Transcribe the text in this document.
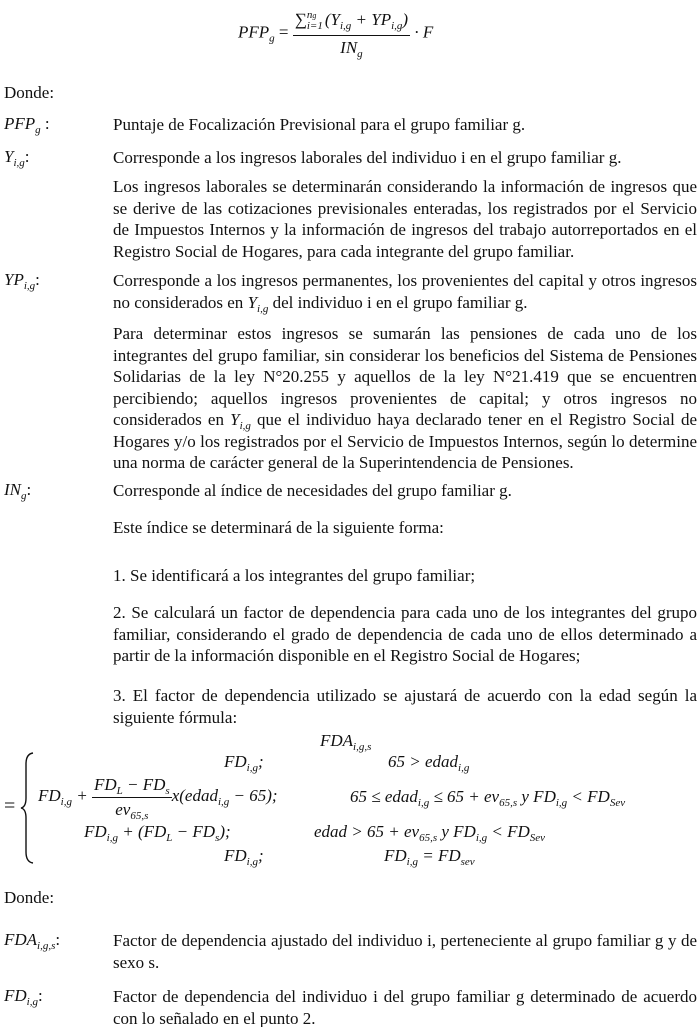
$PFP_g$ = ∑ ng
i=1 $(Y_{i,g} + YP_{i,g})$
$IN_g \cdot F$
Donde:
$PFP_g$ :	Puntaje de Focalización Previsional para el grupo familiar g.
$Y_{i,g}$:	Corresponde a los ingresos laborales del individuo i en el grupo familiar g.
Los ingresos laborales se determinarán considerando la información de ingresos que se derive de las cotizaciones previsionales enteradas, los registrados por el Servicio de Impuestos Internos y la información de ingresos del trabajo autorreportados en el Registro Social de Hogares, para cada integrante del grupo familiar.
$YP_{i,g}$:	Corresponde a los ingresos permanentes, los provenientes del capital y otros ingresos no considerados en $Y_{i,g}$ del individuo i en el grupo familiar g.
Para determinar estos ingresos se sumarán las pensiones de cada uno de los integrantes del grupo familiar, sin considerar los beneficios del Sistema de Pensiones Solidarias de la ley N°20.255 y aquellos de la ley N°21.419 que se encuentren percibiendo; aquellos ingresos provenientes de capital; y otros ingresos no considerados en $Y_{i,g}$ que el individuo haya declarado tener en el Registro Social de Hogares y/o los registrados por el Servicio de Impuestos Internos, según lo determine una norma de carácter general de la Superintendencia de Pensiones.
$IN_g$:	Corresponde al índice de necesidades del grupo familiar g.
Este índice se determinará de la siguiente forma:
1. Se identificará a los integrantes del grupo familiar;
2. Se calculará un factor de dependencia para cada uno de los integrantes del grupo familiar, considerando el grado de dependencia de cada uno de ellos determinado a partir de la información disponible en el Registro Social de Hogares;
3. El factor de dependencia utilizado se ajustará de acuerdo con la edad según la siguiente fórmula:
$FDA_{i,g,s}$
=
$FD_{i,g}$;	65 > edad$_{i,g}$
$FD_{i,g} + \frac{FD_L - FD_s}{ev_{65,s}}$ x(edad$_{i,g}$ − 65);	65 ≤ edad$_{i,g}$ ≤ $65 + ev_{65,s}$ y $FD_{i,g} < FD_{Sev}$
$FD_{i,g} + (FD_L - FD_s)$;	edad > $65 + ev_{65,s}$ y $FD_{i,g} < FD_{Sev}$
$FD_{i,g}$;	$FD_{i,g} = FD_{sev}$
Donde:
$FDA_{i,g,s}$:	Factor de dependencia ajustado del individuo i, perteneciente al grupo familiar g y de sexo s.
$FD_{i,g}$:	Factor de dependencia del individuo i del grupo familiar g determinado de acuerdo con lo señalado en el punto 2.
